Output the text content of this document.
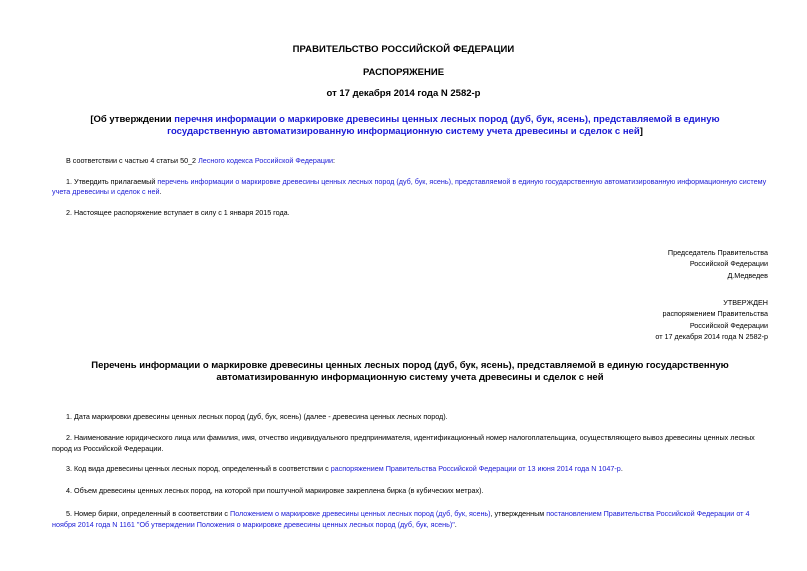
ПРАВИТЕЛЬСТВО РОССИЙСКОЙ ФЕДЕРАЦИИ
РАСПОРЯЖЕНИЕ
от 17 декабря 2014 года N 2582-р
[Об утверждении перечня информации о маркировке древесины ценных лесных пород (дуб, бук, ясень), представляемой в единую государственную автоматизированную информационную систему учета древесины и сделок с ней]
В соответствии с частью 4 статьи 50_2 Лесного кодекса Российской Федерации:
1. Утвердить прилагаемый перечень информации о маркировке древесины ценных лесных пород (дуб, бук, ясень), представляемой в единую государственную автоматизированную информационную систему учета древесины и сделок с ней.
2. Настоящее распоряжение вступает в силу с 1 января 2015 года.
Председатель Правительства
Российской Федерации
Д.Медведев
УТВЕРЖДЕН
распоряжением Правительства
Российской Федерации
от 17 декабря 2014 года N 2582-р
Перечень информации о маркировке древесины ценных лесных пород (дуб, бук, ясень), представляемой в единую государственную автоматизированную информационную систему учета древесины и сделок с ней
1. Дата маркировки древесины ценных лесных пород (дуб, бук, ясень) (далее - древесина ценных лесных пород).
2. Наименование юридического лица или фамилия, имя, отчество индивидуального предпринимателя, идентификационный номер налогоплательщика, осуществляющего вывоз древесины ценных лесных пород из Российской Федерации.
3. Код вида древесины ценных лесных пород, определенный в соответствии с распоряжением Правительства Российской Федерации от 13 июня 2014 года N 1047-р.
4. Объем древесины ценных лесных пород, на которой при поштучной маркировке закреплена бирка (в кубических метрах).
5. Номер бирки, определенный в соответствии с Положением о маркировке древесины ценных лесных пород (дуб, бук, ясень), утвержденным постановлением Правительства Российской Федерации от 4 ноября 2014 года N 1161 "Об утверждении Положения о маркировке древесины ценных лесных пород (дуб, бук, ясень)".
